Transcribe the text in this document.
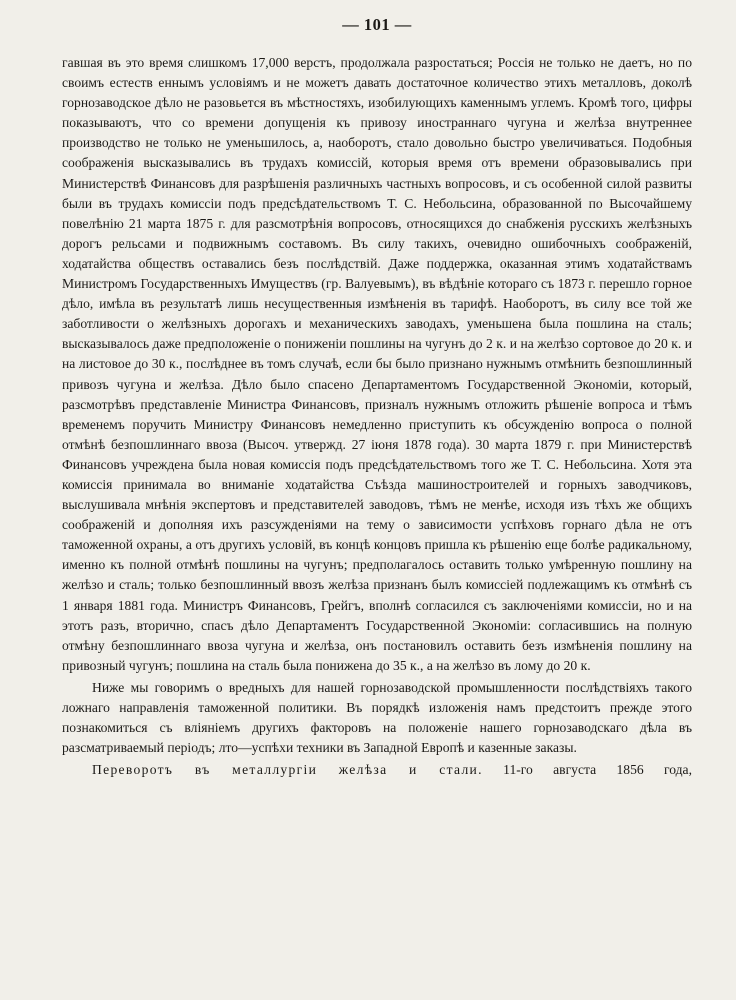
— 101 —

гавшая въ это время слишкомъ 17,000 верстъ, продолжала разростаться; Россія не только не даетъ, но по своимъ естеств еннымъ условіямъ и не можетъ давать достаточное количество этихъ металловъ, доколѣ горнозаводское дѣло не разовьется въ мѣстностяхъ, изобилующихъ каменнымъ углемъ. Кромѣ того, цифры показываютъ, что со времени допущенія къ привозу иностраннаго чугуна и желѣза внутреннее производство не только не уменьшилось, а, наоборотъ, стало довольно быстро увеличиваться. Подобныя соображенія высказывались въ трудахъ комиссій, которыя время отъ времени образовывались при Министерствѣ Финансовъ для разрѣшенія различныхъ частныхъ вопросовъ, и съ особенной силой развиты были въ трудахъ комиссіи подъ предсѣдательствомъ Т. С. Небольсина, образованной по Высочайшему повелѣнію 21 марта 1875 г. для разсмотрѣнія вопросовъ, относящихся до снабженія русскихъ желѣзныхъ дорогъ рельсами и подвижнымъ составомъ. Въ силу такихъ, очевидно ошибочныхъ соображеній, ходатайства обществъ оставались безъ послѣдствій. Даже поддержка, оказанная этимъ ходатайствамъ Министромъ Государственныхъ Имуществъ (гр. Валуевымъ), въ вѣдѣніе котораго съ 1873 г. перешло горное дѣло, имѣла въ результатѣ лишь несущественныя измѣненія въ тарифѣ. Наоборотъ, въ силу все той же заботливости о желѣзныхъ дорогахъ и механическихъ заводахъ, уменьшена была пошлина на сталь; высказывалось даже предположеніе о пониженіи пошлины на чугунъ до 2 к. и на желѣзо сортовое до 20 к. и на листовое до 30 к., послѣднее въ томъ случаѣ, если бы было признано нужнымъ отмѣнить безпошлинный привозъ чугуна и желѣза. Дѣло было спасено Департаментомъ Государственной Экономіи, который, разсмотрѣвъ представленіе Министра Финансовъ, призналъ нужнымъ отложить рѣшеніе вопроса и тѣмъ временемъ поручить Министру Финансовъ немедленно приступить къ обсужденію вопроса о полной отмѣнѣ безпошлиннаго ввоза (Высоч. утвержд. 27 іюня 1878 года). 30 марта 1879 г. при Министерствѣ Финансовъ учреждена была новая комиссія подъ предсѣдательствомъ того же Т. С. Небольсина. Хотя эта комиссія принимала во вниманіе ходатайства Съѣзда машиностроителей и горныхъ заводчиковъ, выслушивала мнѣнія экспертовъ и представителей заводовъ, тѣмъ не менѣе, исходя изъ тѣхъ же общихъ соображеній и дополняя ихъ разсужденіями на тему о зависимости успѣховъ горнаго дѣла не отъ таможенной охраны, а отъ другихъ условій, въ концѣ концовъ пришла къ рѣшенію еще болѣе радикальному, именно къ полной отмѣнѣ пошлины на чугунъ; предполагалось оставить только умѣренную пошлину на желѣзо и сталь; только безпошлинный ввозъ желѣза признанъ былъ комиссіей подлежащимъ къ отмѣнѣ съ 1 января 1881 года. Министръ Финансовъ, Грейгъ, вполнѣ согласился съ заключеніями комиссіи, но и на этотъ разъ, вторично, спасъ дѣло Департаментъ Государственной Экономіи: согласившись на полную отмѣну безпошлиннаго ввоза чугуна и желѣза, онъ постановилъ оставить безъ измѣненія пошлину на привозный чугунъ; пошлина на сталь была понижена до 35 к., а на желѣзо въ лому до 20 к.

Ниже мы говоримъ о вредныхъ для нашей горнозаводской промышленности послѣдствіяхъ такого ложнаго направленія таможенной политики. Въ порядкѣ изложенія намъ предстоитъ прежде этого познакомиться съ вліяніемъ другихъ факторовъ на положеніе нашего горнозаводскаго дѣла въ разсматриваемый періодъ; лто—успѣхи техники въ Западной Европѣ и казенные заказы.

Переворотъ въ металлургіи желѣза и стали. 11-го августа 1856 года,
